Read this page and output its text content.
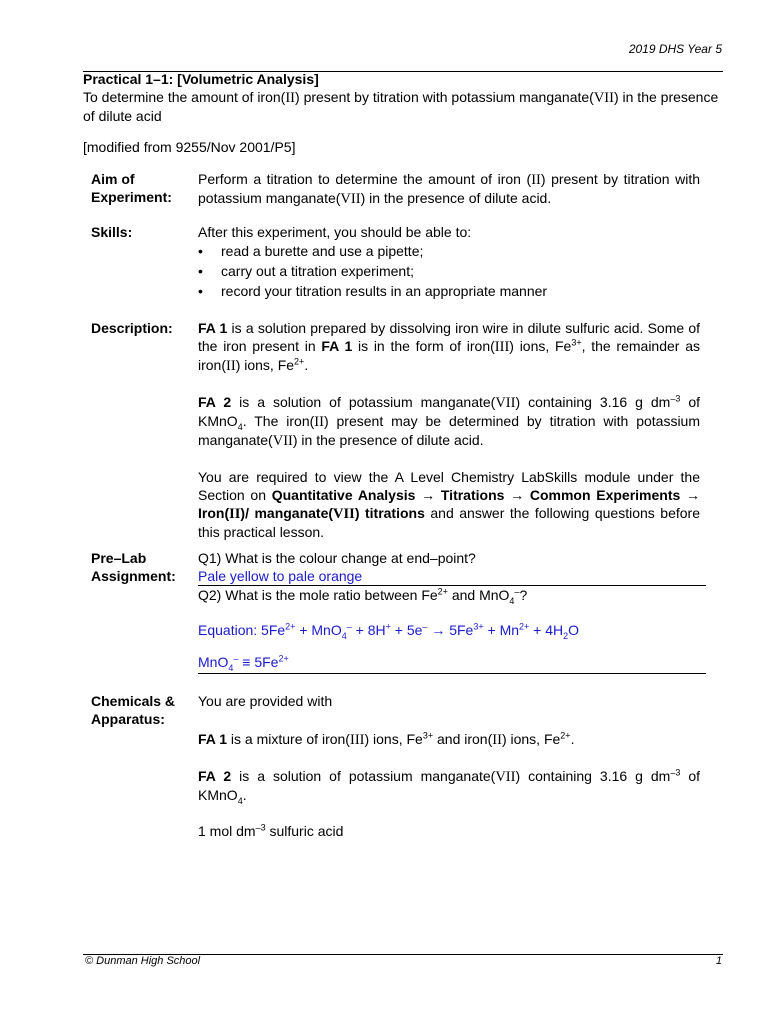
2019 DHS Year 5
Practical 1–1: [Volumetric Analysis]
To determine the amount of iron(II) present by titration with potassium manganate(VII) in the presence of dilute acid
[modified from 9255/Nov 2001/P5]
Aim of Experiment:
Perform a titration to determine the amount of iron (II) present by titration with potassium manganate(VII) in the presence of dilute acid.
Skills:	After this experiment, you should be able to:

• read a burette and use a pipette;
• carry out a titration experiment;
• record your titration results in an appropriate manner
Description:	FA 1 is a solution prepared by dissolving iron wire in dilute sulfuric acid. Some of the iron present in FA 1 is in the form of iron(III) ions, $Fe^{3+}$, the remainder as iron(II) ions, $Fe^{2+}$.

FA 2 is a solution of potassium manganate(VII) containing 3.16 g $dm^{-3}$ of KMnO$_4$. The iron(II) present may be determined by titration with potassium manganate(VII) in the presence of dilute acid.

You are required to view the A Level Chemistry LabSkills module under the Section on Quantitative Analysis → Titrations → Common Experiments → Iron(II)/ manganate(VII) titrations and answer the following questions before this practical lesson.

Pre–Lab Assignment:
Q1) What is the colour change at end–point?
Pale yellow to pale orange
Q2) What is the mole ratio between $Fe^{2+}$ and MnO$_4$–?
Equation: $5Fe^{2+} + MnO_4^- + 8H^+ + 5e^- \to 5Fe^{3+} + Mn^{2+} + 4H_2O$
$MnO_4^- \equiv 5Fe^{2+}$
Chemicals & Apparatus:

You are provided with

FA 1 is a mixture of iron(III) ions, $Fe^{3+}$ and iron(II) ions, $Fe^{2+}$.

FA 2 is a solution of potassium manganate(VII) containing 3.16 g $dm^{-3}$ of KMnO$_4$.

1 mol $dm^{-3}$ sulfuric acid

© Dunman High School	1
